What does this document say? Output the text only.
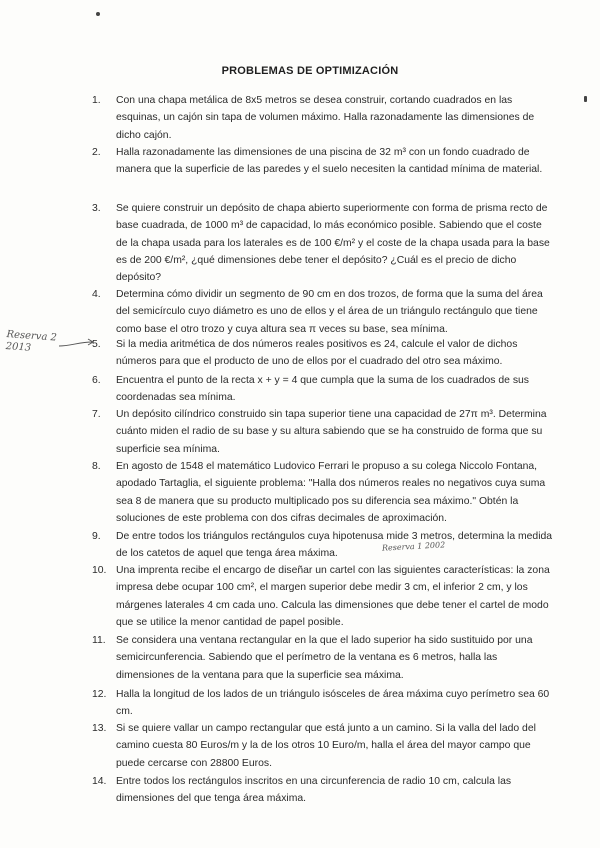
PROBLEMAS DE OPTIMIZACIÓN
1.	Con una chapa metálica de 8x5 metros se desea construir, cortando cuadrados en las esquinas, un cajón sin tapa de volumen máximo. Halla razonadamente las dimensiones de dicho cajón.
2.	Halla razonadamente las dimensiones de una piscina de 32 m³ con un fondo cuadrado de manera que la superficie de las paredes y el suelo necesiten la cantidad mínima de material.
3.	Se quiere construir un depósito de chapa abierto superiormente con forma de prisma recto de base cuadrada, de 1000 m³ de capacidad, lo más económico posible. Sabiendo que el coste de la chapa usada para los laterales es de 100 €/m² y el coste de la chapa usada para la base es de 200 €/m², ¿qué dimensiones debe tener el depósito? ¿Cuál es el precio de dicho depósito?
4.	Determina cómo dividir un segmento de 90 cm en dos trozos, de forma que la suma del área del semicírculo cuyo diámetro es uno de ellos y el área de un triángulo rectángulo que tiene como base el otro trozo y cuya altura sea π veces su base, sea mínima.
5.	Si la media aritmética de dos números reales positivos es 24, calcule el valor de dichos números para que el producto de uno de ellos por el cuadrado del otro sea máximo.
6.	Encuentra el punto de la recta x + y = 4 que cumpla que la suma de los cuadrados de sus coordenadas sea mínima.
7.	Un depósito cilíndrico construido sin tapa superior tiene una capacidad de 27π m³. Determina cuánto miden el radio de su base y su altura sabiendo que se ha construido de forma que su superficie sea mínima.
8.	En agosto de 1548 el matemático Ludovico Ferrari le propuso a su colega Niccolo Fontana, apodado Tartaglia, el siguiente problema: "Halla dos números reales no negativos cuya suma sea 8 de manera que su producto multiplicado pos su diferencia sea máximo." Obtén la soluciones de este problema con dos cifras decimales de aproximación.
9.	De entre todos los triángulos rectángulos cuya hipotenusa mide 3 metros, determina la medida de los catetos de aquel que tenga área máxima.
10. Una imprenta recibe el encargo de diseñar un cartel con las siguientes características: la zona impresa debe ocupar 100 cm², el margen superior debe medir 3 cm, el inferior 2 cm, y los márgenes laterales 4 cm cada uno. Calcula las dimensiones que debe tener el cartel de modo que se utilice la menor cantidad de papel posible.
11. Se considera una ventana rectangular en la que el lado superior ha sido sustituido por una semicircunferencia. Sabiendo que el perímetro de la ventana es 6 metros, halla las dimensiones de la ventana para que la superficie sea máxima.
12. Halla la longitud de los lados de un triángulo isósceles de área máxima cuyo perímetro sea 60 cm.
13. Si se quiere vallar un campo rectangular que está junto a un camino. Si la valla del lado del camino cuesta 80 Euros/m y la de los otros 10 Euro/m, halla el área del mayor campo que puede cercarse con 28800 Euros.
14. Entre todos los rectángulos inscritos en una circunferencia de radio 10 cm, calcula las dimensiones del que tenga área máxima.
Reserva 2 2013
Reserva 1 2002
